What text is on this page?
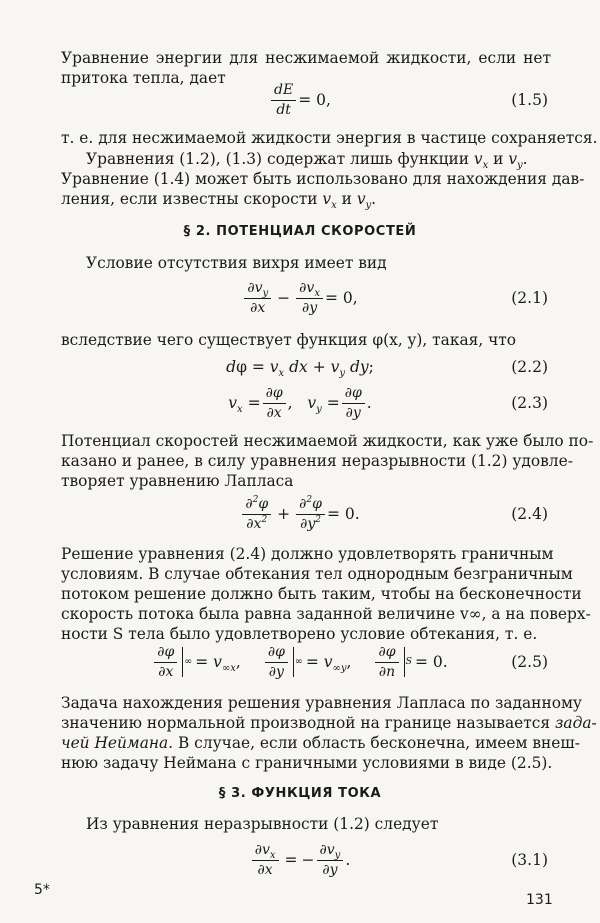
Уравнение энергии для несжимаемой жидкости, если нет
притока тепла, дает
$\frac{dE}{dt} = 0$,	(1.5)
т. е. для несжимаемой жидкости энергия в частице сохраняется.
Уравнения (1.2), (1.3) содержат лишь функции $v_x$ и $v_y$.
Уравнение (1.4) может быть использовано для нахождения дав-
ления, если известны скорости $v_x$ и $v_y$.
§ 2. ПОТЕНЦИАЛ СКОРОСТЕЙ
Условие отсутствия вихря имеет вид
$\frac{\partial v_y}{\partial x} - \frac{\partial v_x}{\partial y} = 0$,	(2.1)
вследствие чего существует функция φ(x, y), такая, что
$d\varphi = v_x$ dx + $v_y$ dy;	(2.2)
$v_x = \frac{\partial\varphi}{\partial x}$ ,   $v_y = \frac{\partial\varphi}{\partial y}$ .	(2.3)
Потенциал скоростей несжимаемой жидкости, как уже было по-
казано и ранее, в силу уравнения неразрывности (1.2) удовле-
творяет уравнению Лапласа
$\frac{\partial^2\varphi}{\partial x^2} + \frac{\partial^2\varphi}{\partial y^2} = 0$.	(2.4)
Решение уравнения (2.4) должно удовлетворять граничным
условиям. В случае обтекания тел однородным безграничным
потоком решение должно быть таким, чтобы на бесконечности
скорость потока была равна заданной величине v∞, а на поверх-
ности S тела было удовлетворено условие обтекания, т. е.
$\frac{\partial\varphi}{\partial x}$ ∞ = $v_{\infty x}$, $\frac{\partial\varphi}{\partial y}$ ∞ = $v_{\infty y}$, $\frac{\partial\varphi}{\partial n}$ S = 0.	(2.5)
Задача нахождения решения уравнения Лапласа по заданному
значению нормальной производной на границе называется зада-
чей Неймана. В случае, если область бесконечна, имеем внеш-
нюю задачу Неймана с граничными условиями в виде (2.5).
§ 3. ФУНКЦИЯ ТОКА
Из уравнения неразрывности (1.2) следует
$\frac{\partial v_x}{\partial x}$ = − $\frac{\partial v_y}{\partial y}$ .	(3.1)
5*
131
